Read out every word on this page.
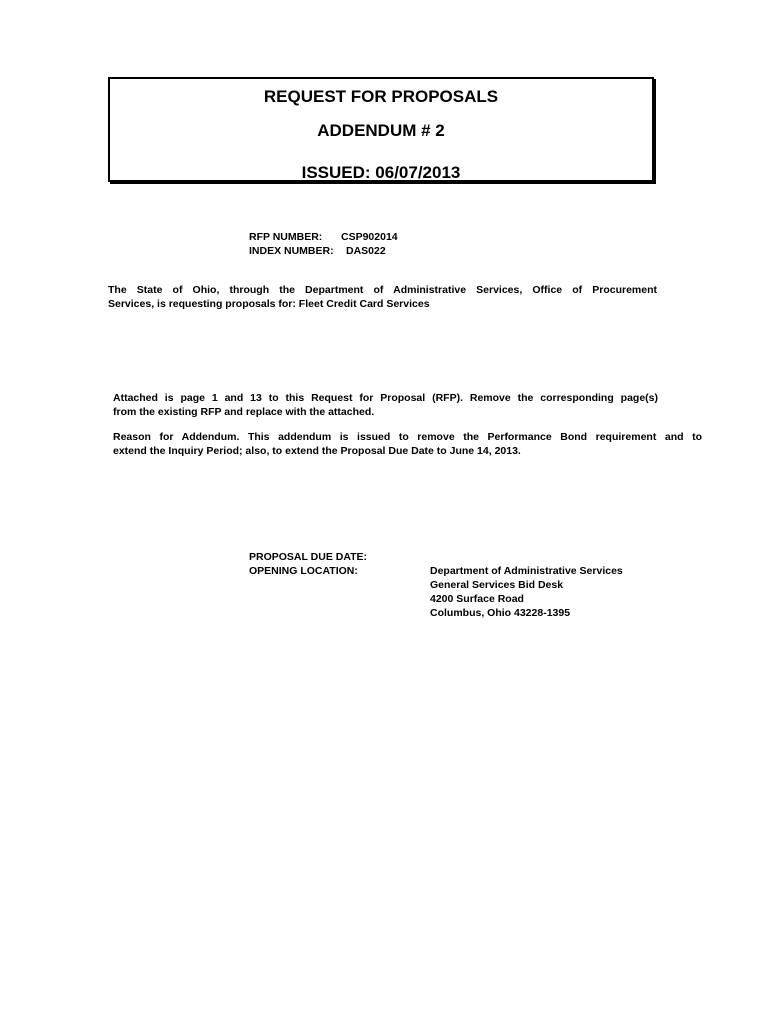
REQUEST FOR PROPOSALS
ADDENDUM # 2
ISSUED: 06/07/2013
RFP NUMBER: CSP902014
INDEX NUMBER: DAS022
The State of Ohio, through the Department of Administrative Services, Office of Procurement
Services, is requesting proposals for: Fleet Credit Card Services
Attached is page 1 and 13 to this Request for Proposal (RFP). Remove the corresponding page(s)
from the existing RFP and replace with the attached.
Reason for Addendum. This addendum is issued to remove the Performance Bond requirement and to
extend the Inquiry Period; also, to extend the Proposal Due Date to June 14, 2013.
PROPOSAL DUE DATE:
OPENING LOCATION:	Department of Administrative Services
General Services Bid Desk
4200 Surface Road
Columbus, Ohio 43228-1395
